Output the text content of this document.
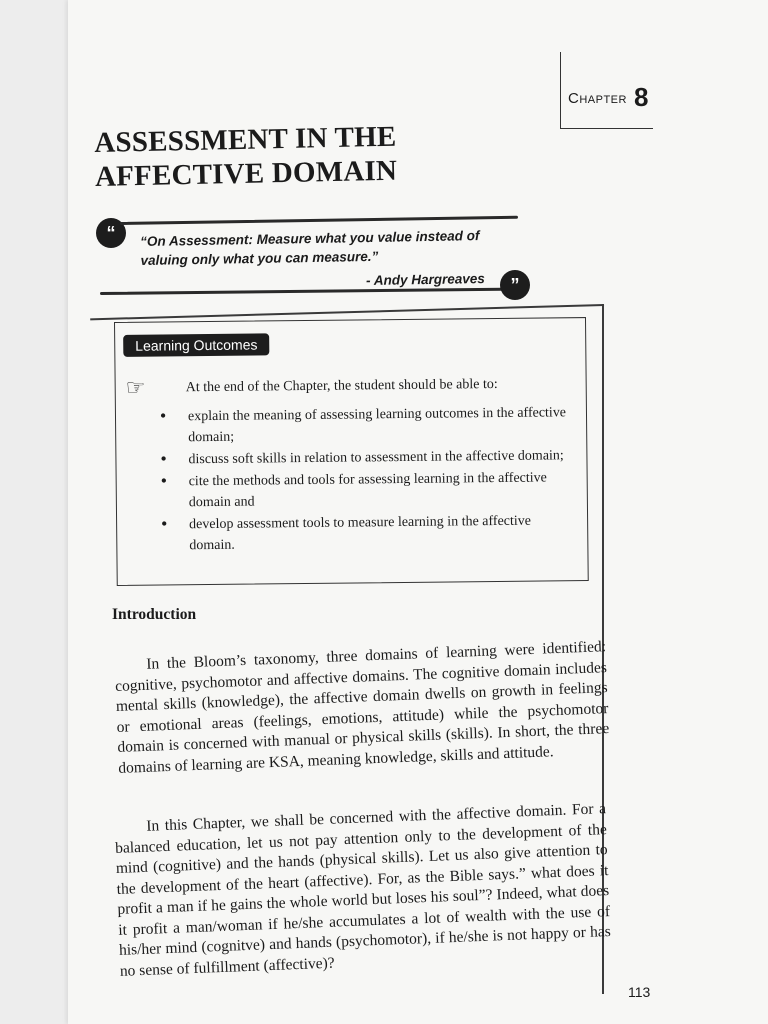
Chapter 8
ASSESSMENT IN THE AFFECTIVE DOMAIN
“	“On Assessment: Measure what you value instead of valuing only what you can measure.”
- Andy Hargreaves	”
Learning Outcomes
☞	At the end of the Chapter, the student should be able to:
• explain the meaning of assessing learning outcomes in the affective domain;
• discuss soft skills in relation to assessment in the affective domain;
• cite the methods and tools for assessing learning in the affective domain and
• develop assessment tools to measure learning in the affective domain.
Introduction

In the Bloom’s taxonomy, three domains of learning were identified: cognitive, psychomotor and affective domains. The cognitive domain includes mental skills (knowledge), the affective domain dwells on growth in feelings or emotional areas (feelings, emotions, attitude) while the psychomotor domain is concerned with manual or physical skills (skills). In short, the three domains of learning are KSA, meaning knowledge, skills and attitude.

In this Chapter, we shall be concerned with the affective domain. For a balanced education, let us not pay attention only to the development of the mind (cognitive) and the hands (physical skills). Let us also give attention to the development of the heart (affective). For, as the Bible says.” what does it profit a man if he gains the whole world but loses his soul”? Indeed, what does it profit a man/woman if he/she accumulates a lot of wealth with the use of his/her mind (cognitve) and hands (psychomotor), if he/she is not happy or has no sense of fulfillment (affective)?

113
